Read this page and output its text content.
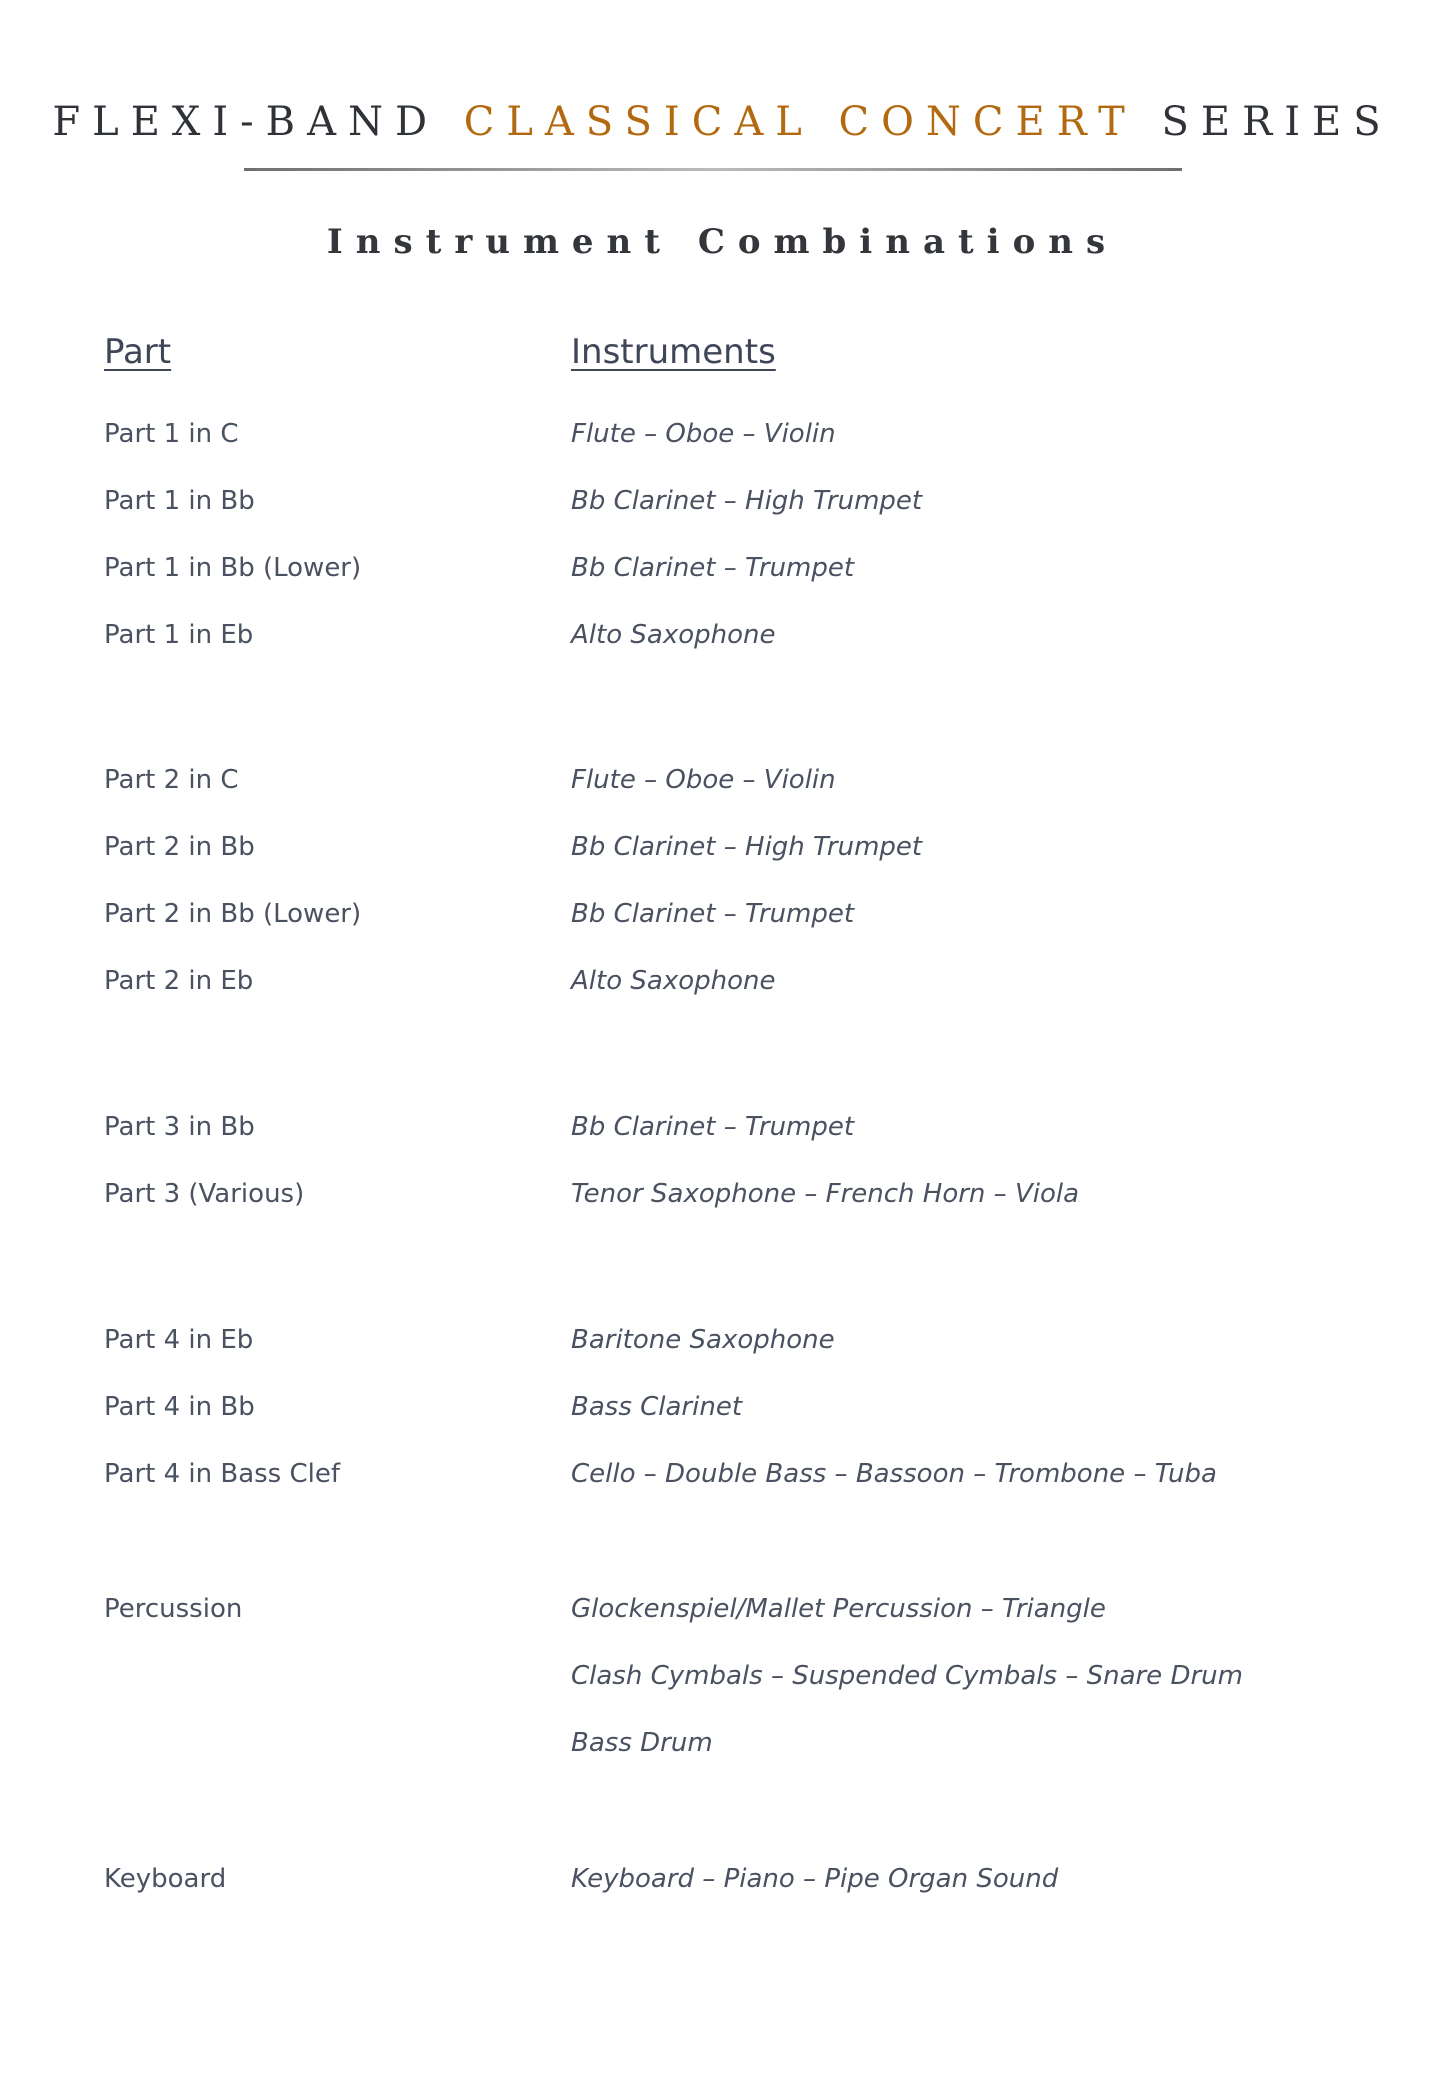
FLEXI-BAND CLASSICAL CONCERT SERIES
Instrument Combinations
Part	Instruments
Part 1 in C	Flute – Oboe – Violin
Part 1 in Bb	Bb Clarinet – High Trumpet
Part 1 in Bb (Lower)	Bb Clarinet – Trumpet
Part 1 in Eb	Alto Saxophone
Part 2 in C	Flute – Oboe – Violin
Part 2 in Bb	Bb Clarinet – High Trumpet
Part 2 in Bb (Lower)	Bb Clarinet – Trumpet
Part 2 in Eb	Alto Saxophone
Part 3 in Bb	Bb Clarinet – Trumpet
Part 3 (Various)	Tenor Saxophone – French Horn – Viola
Part 4 in Eb	Baritone Saxophone
Part 4 in Bb	Bass Clarinet
Part 4 in Bass Clef	Cello – Double Bass – Bassoon – Trombone – Tuba
Percussion	Glockenspiel/Mallet Percussion – Triangle
Clash Cymbals – Suspended Cymbals – Snare Drum
Bass Drum
Keyboard	Keyboard – Piano – Pipe Organ Sound
